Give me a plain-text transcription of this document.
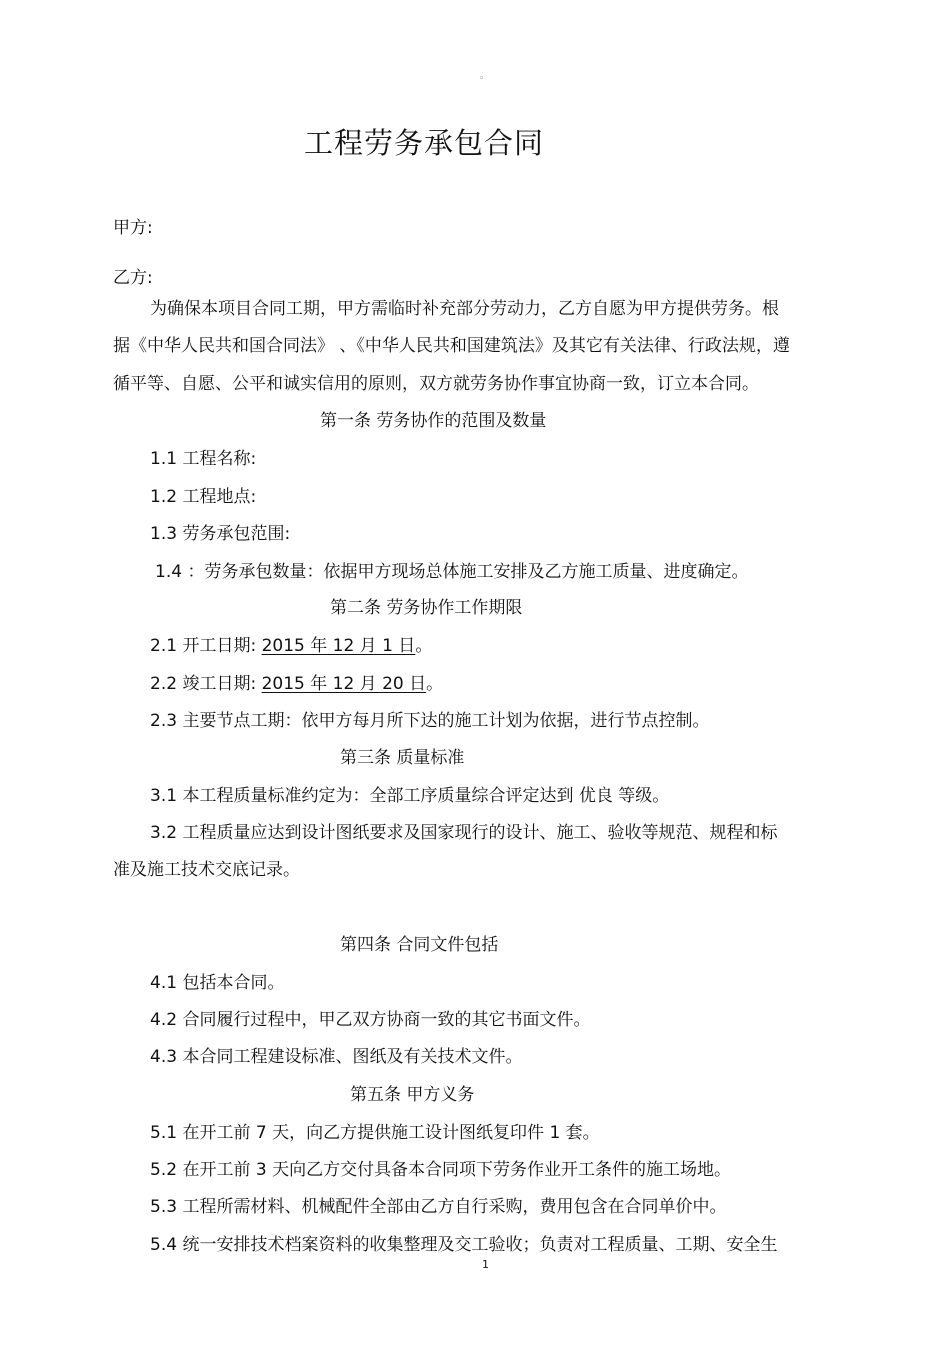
。
工程劳务承包合同
甲方:
乙方:
为确保本项目合同工期，甲方需临时补充部分劳动力，乙方自愿为甲方提供劳务。根
据《中华人民共和国合同法》 、《中华人民共和国建筑法》及其它有关法律、行政法规，遵
循平等、自愿、公平和诚实信用的原则，双方就劳务协作事宜协商一致，订立本合同。
第一条 劳务协作的范围及数量
1.1 工程名称:
1.2 工程地点:
1.3 劳务承包范围:
1.4 ：劳务承包数量：依据甲方现场总体施工安排及乙方施工质量、进度确定。
第二条 劳务协作工作期限
2.1 开工日期: 2015 年 12 月 1 日。
2.2 竣工日期: 2015 年 12 月 20 日。
2.3 主要节点工期：依甲方每月所下达的施工计划为依据，进行节点控制。
第三条 质量标准
3.1 本工程质量标准约定为：全部工序质量综合评定达到 优良 等级。
3.2 工程质量应达到设计图纸要求及国家现行的设计、施工、验收等规范、规程和标
准及施工技术交底记录。
第四条 合同文件包括
4.1 包括本合同。
4.2 合同履行过程中，甲乙双方协商一致的其它书面文件。
4.3 本合同工程建设标准、图纸及有关技术文件。
第五条 甲方义务
5.1 在开工前 7 天，向乙方提供施工设计图纸复印件 1 套。
5.2 在开工前 3 天向乙方交付具备本合同项下劳务作业开工条件的施工场地。
5.3 工程所需材料、机械配件全部由乙方自行采购，费用包含在合同单价中。
5.4 统一安排技术档案资料的收集整理及交工验收；负责对工程质量、工期、安全生
1
